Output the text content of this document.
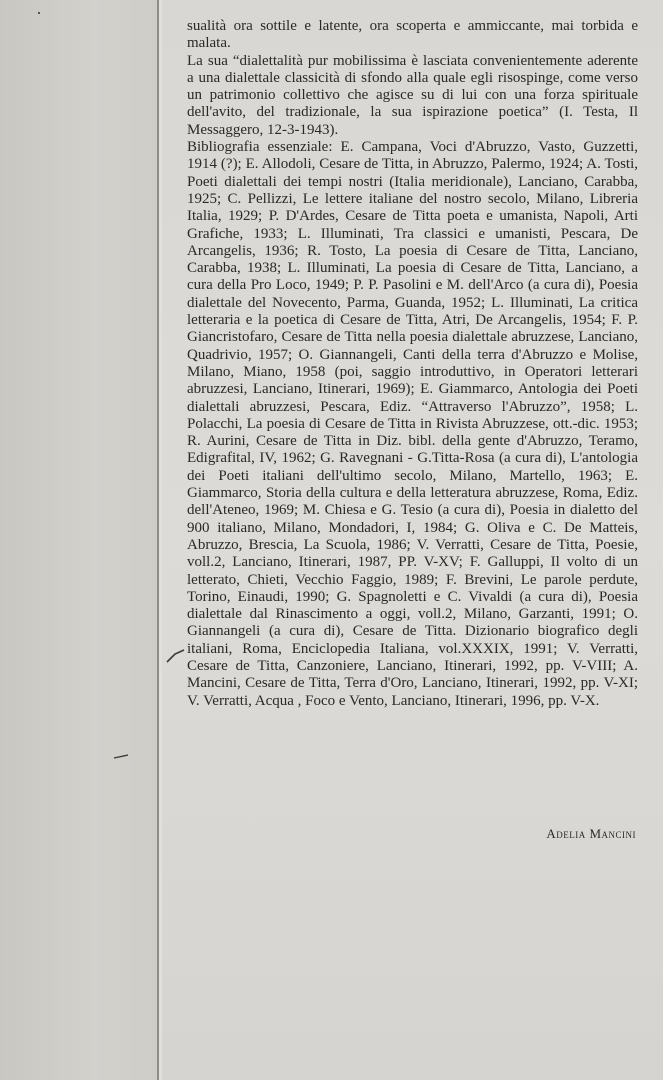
sualità ora sottile e latente, ora scoperta e ammiccante, mai torbida e malata.

La sua “dialettalità pur mobilissima è lasciata convenientemente aderente a una dialettale classicità di sfondo alla quale egli risospinge, come verso un patrimonio collettivo che agisce su di lui con una forza spirituale dell'avito, del tradizionale, la sua ispirazione poetica” (I. Testa, Il Messaggero, 12-3-1943).

Bibliografia essenziale: E. Campana, Voci d'Abruzzo, Vasto, Guzzetti, 1914 (?); E. Allodoli, Cesare de Titta, in Abruzzo, Palermo, 1924; A. Tosti, Poeti dialettali dei tempi nostri (Italia meridionale), Lanciano, Carabba, 1925; C. Pellizzi, Le lettere italiane del nostro secolo, Milano, Libreria Italia, 1929; P. D'Ardes, Cesare de Titta poeta e umanista, Napoli, Arti Grafiche, 1933; L. Illuminati, Tra classici e umanisti, Pescara, De Arcangelis, 1936; R. Tosto, La poesia di Cesare de Titta, Lanciano, Carabba, 1938; L. Illuminati, La poesia di Cesare de Titta, Lanciano, a cura della Pro Loco, 1949; P. P. Pasolini e M. dell'Arco (a cura di), Poesia dialettale del Novecento, Parma, Guanda, 1952; L. Illuminati, La critica letteraria e la poetica di Cesare de Titta, Atri, De Arcangelis, 1954; F. P. Giancristofaro, Cesare de Titta nella poesia dialettale abruzzese, Lanciano, Quadrivio, 1957; O. Giannangeli, Canti della terra d'Abruzzo e Molise, Milano, Miano, 1958 (poi, saggio introduttivo, in Operatori letterari abruzzesi, Lanciano, Itinerari, 1969); E. Giammarco, Antologia dei Poeti dialettali abruzzesi, Pescara, Ediz. “Attraverso l'Abruzzo”, 1958; L. Polacchi, La poesia di Cesare de Titta in Rivista Abruzzese, ott.-dic. 1953; R. Aurini, Cesare de Titta in Diz. bibl. della gente d'Abruzzo, Teramo, Edigrafital, IV, 1962; G. Ravegnani - G.Titta-Rosa (a cura di), L'antologia dei Poeti italiani dell'ultimo secolo, Milano, Martello, 1963; E. Giammarco, Storia della cultura e della letteratura abruzzese, Roma, Ediz. dell'Ateneo, 1969; M. Chiesa e G. Tesio (a cura di), Poesia in dialetto del 900 italiano, Milano, Mondadori, I, 1984; G. Oliva e C. De Matteis, Abruzzo, Brescia, La Scuola, 1986; V. Verratti, Cesare de Titta, Poesie, voll.2, Lanciano, Itinerari, 1987, PP. V-XV; F. Galluppi, Il volto di un letterato, Chieti, Vecchio Faggio, 1989; F. Brevini, Le parole perdute, Torino, Einaudi, 1990; G. Spagnoletti e C. Vivaldi (a cura di), Poesia dialettale dal Rinascimento a oggi, voll.2, Milano, Garzanti, 1991; O. Giannangeli (a cura di), Cesare de Titta. Dizionario biografico degli italiani, Roma, Enciclopedia Italiana, vol.XXXIX, 1991; V. Verratti, Cesare de Titta, Canzoniere, Lanciano, Itinerari, 1992, pp. V-VIII; A. Mancini, Cesare de Titta, Terra d'Oro, Lanciano, Itinerari, 1992, pp. V-XI; V. Verratti, Acqua , Foco e Vento, Lanciano, Itinerari, 1996, pp. V-X.

Adelia Mancini
